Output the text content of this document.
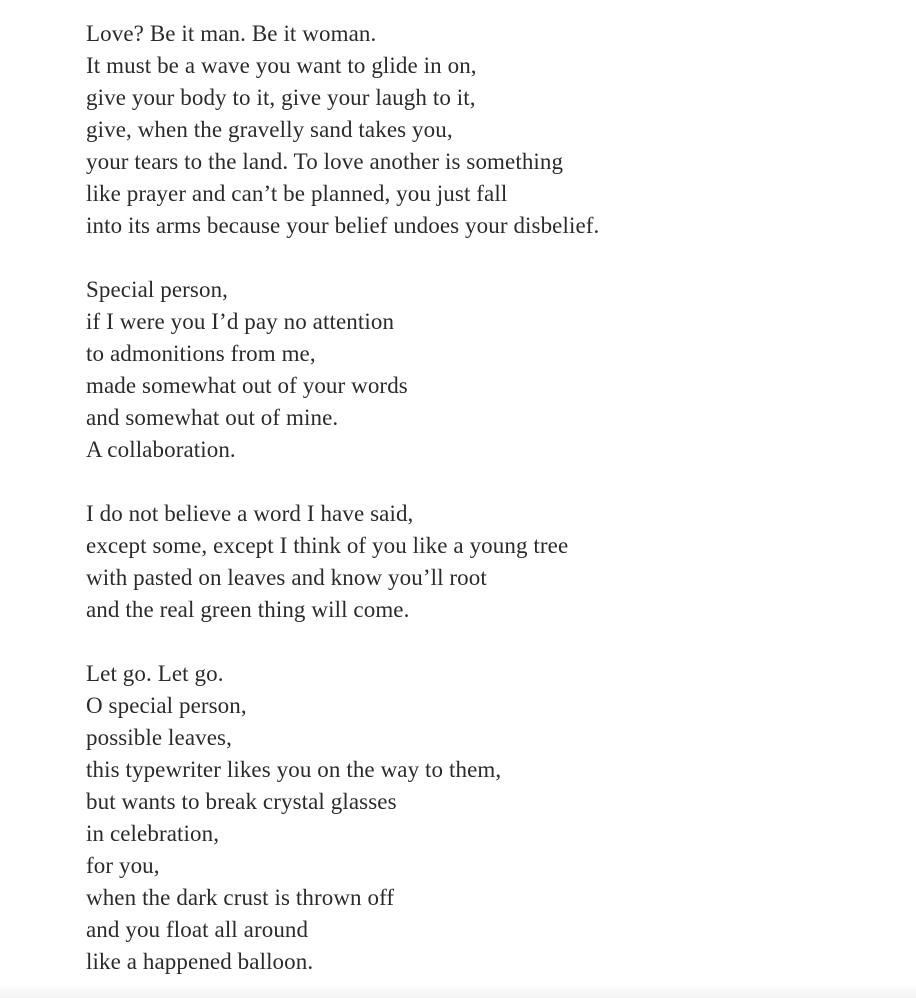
Love? Be it man. Be it woman.
It must be a wave you want to glide in on,
give your body to it, give your laugh to it,
give, when the gravelly sand takes you,
your tears to the land. To love another is something
like prayer and can’t be planned, you just fall
into its arms because your belief undoes your disbelief.
Special person,
if I were you I’d pay no attention
to admonitions from me,
made somewhat out of your words
and somewhat out of mine.
A collaboration.
I do not believe a word I have said,
except some, except I think of you like a young tree
with pasted on leaves and know you’ll root
and the real green thing will come.
Let go. Let go.
O special person,
possible leaves,
this typewriter likes you on the way to them,
but wants to break crystal glasses
in celebration,
for you,
when the dark crust is thrown off
and you float all around
like a happened balloon.
